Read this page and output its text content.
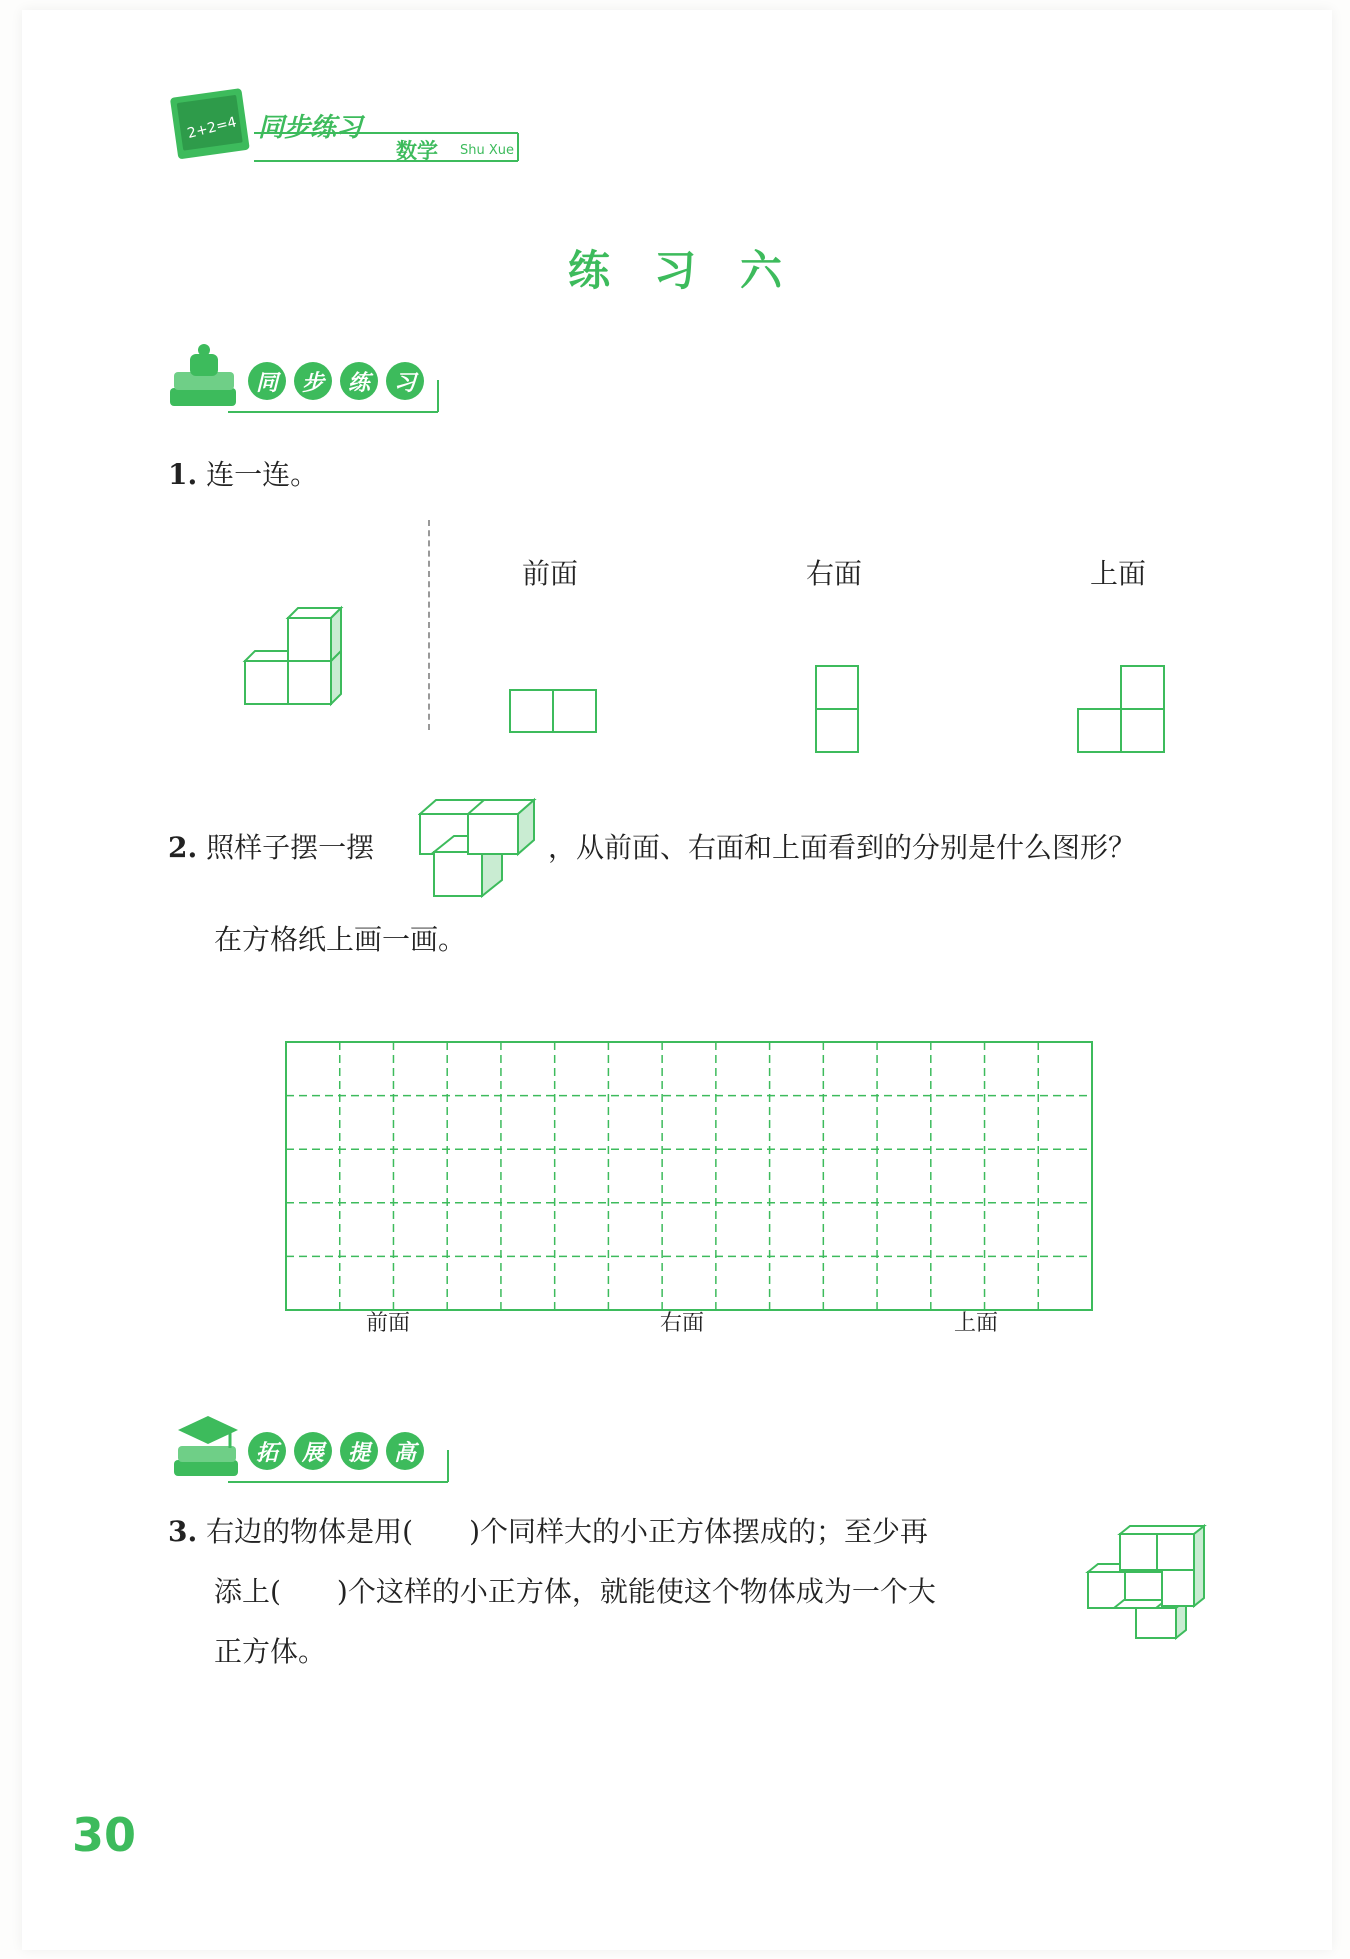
2+2=4 同步练习
数学 Shu Xue
练习六
同	步	练	习
1. 连一连。
前面	右面	上面
2. 照样子摆一摆	，从前面、右面和上面看到的分别是什么图形？
在方格纸上画一画。
前面	右面	上面
拓	展	提	高
3. 右边的物体是用(　　)个同样大的小正方体摆成的；至少再
添上(　　)个这样的小正方体，就能使这个物体成为一个大
正方体。
30
